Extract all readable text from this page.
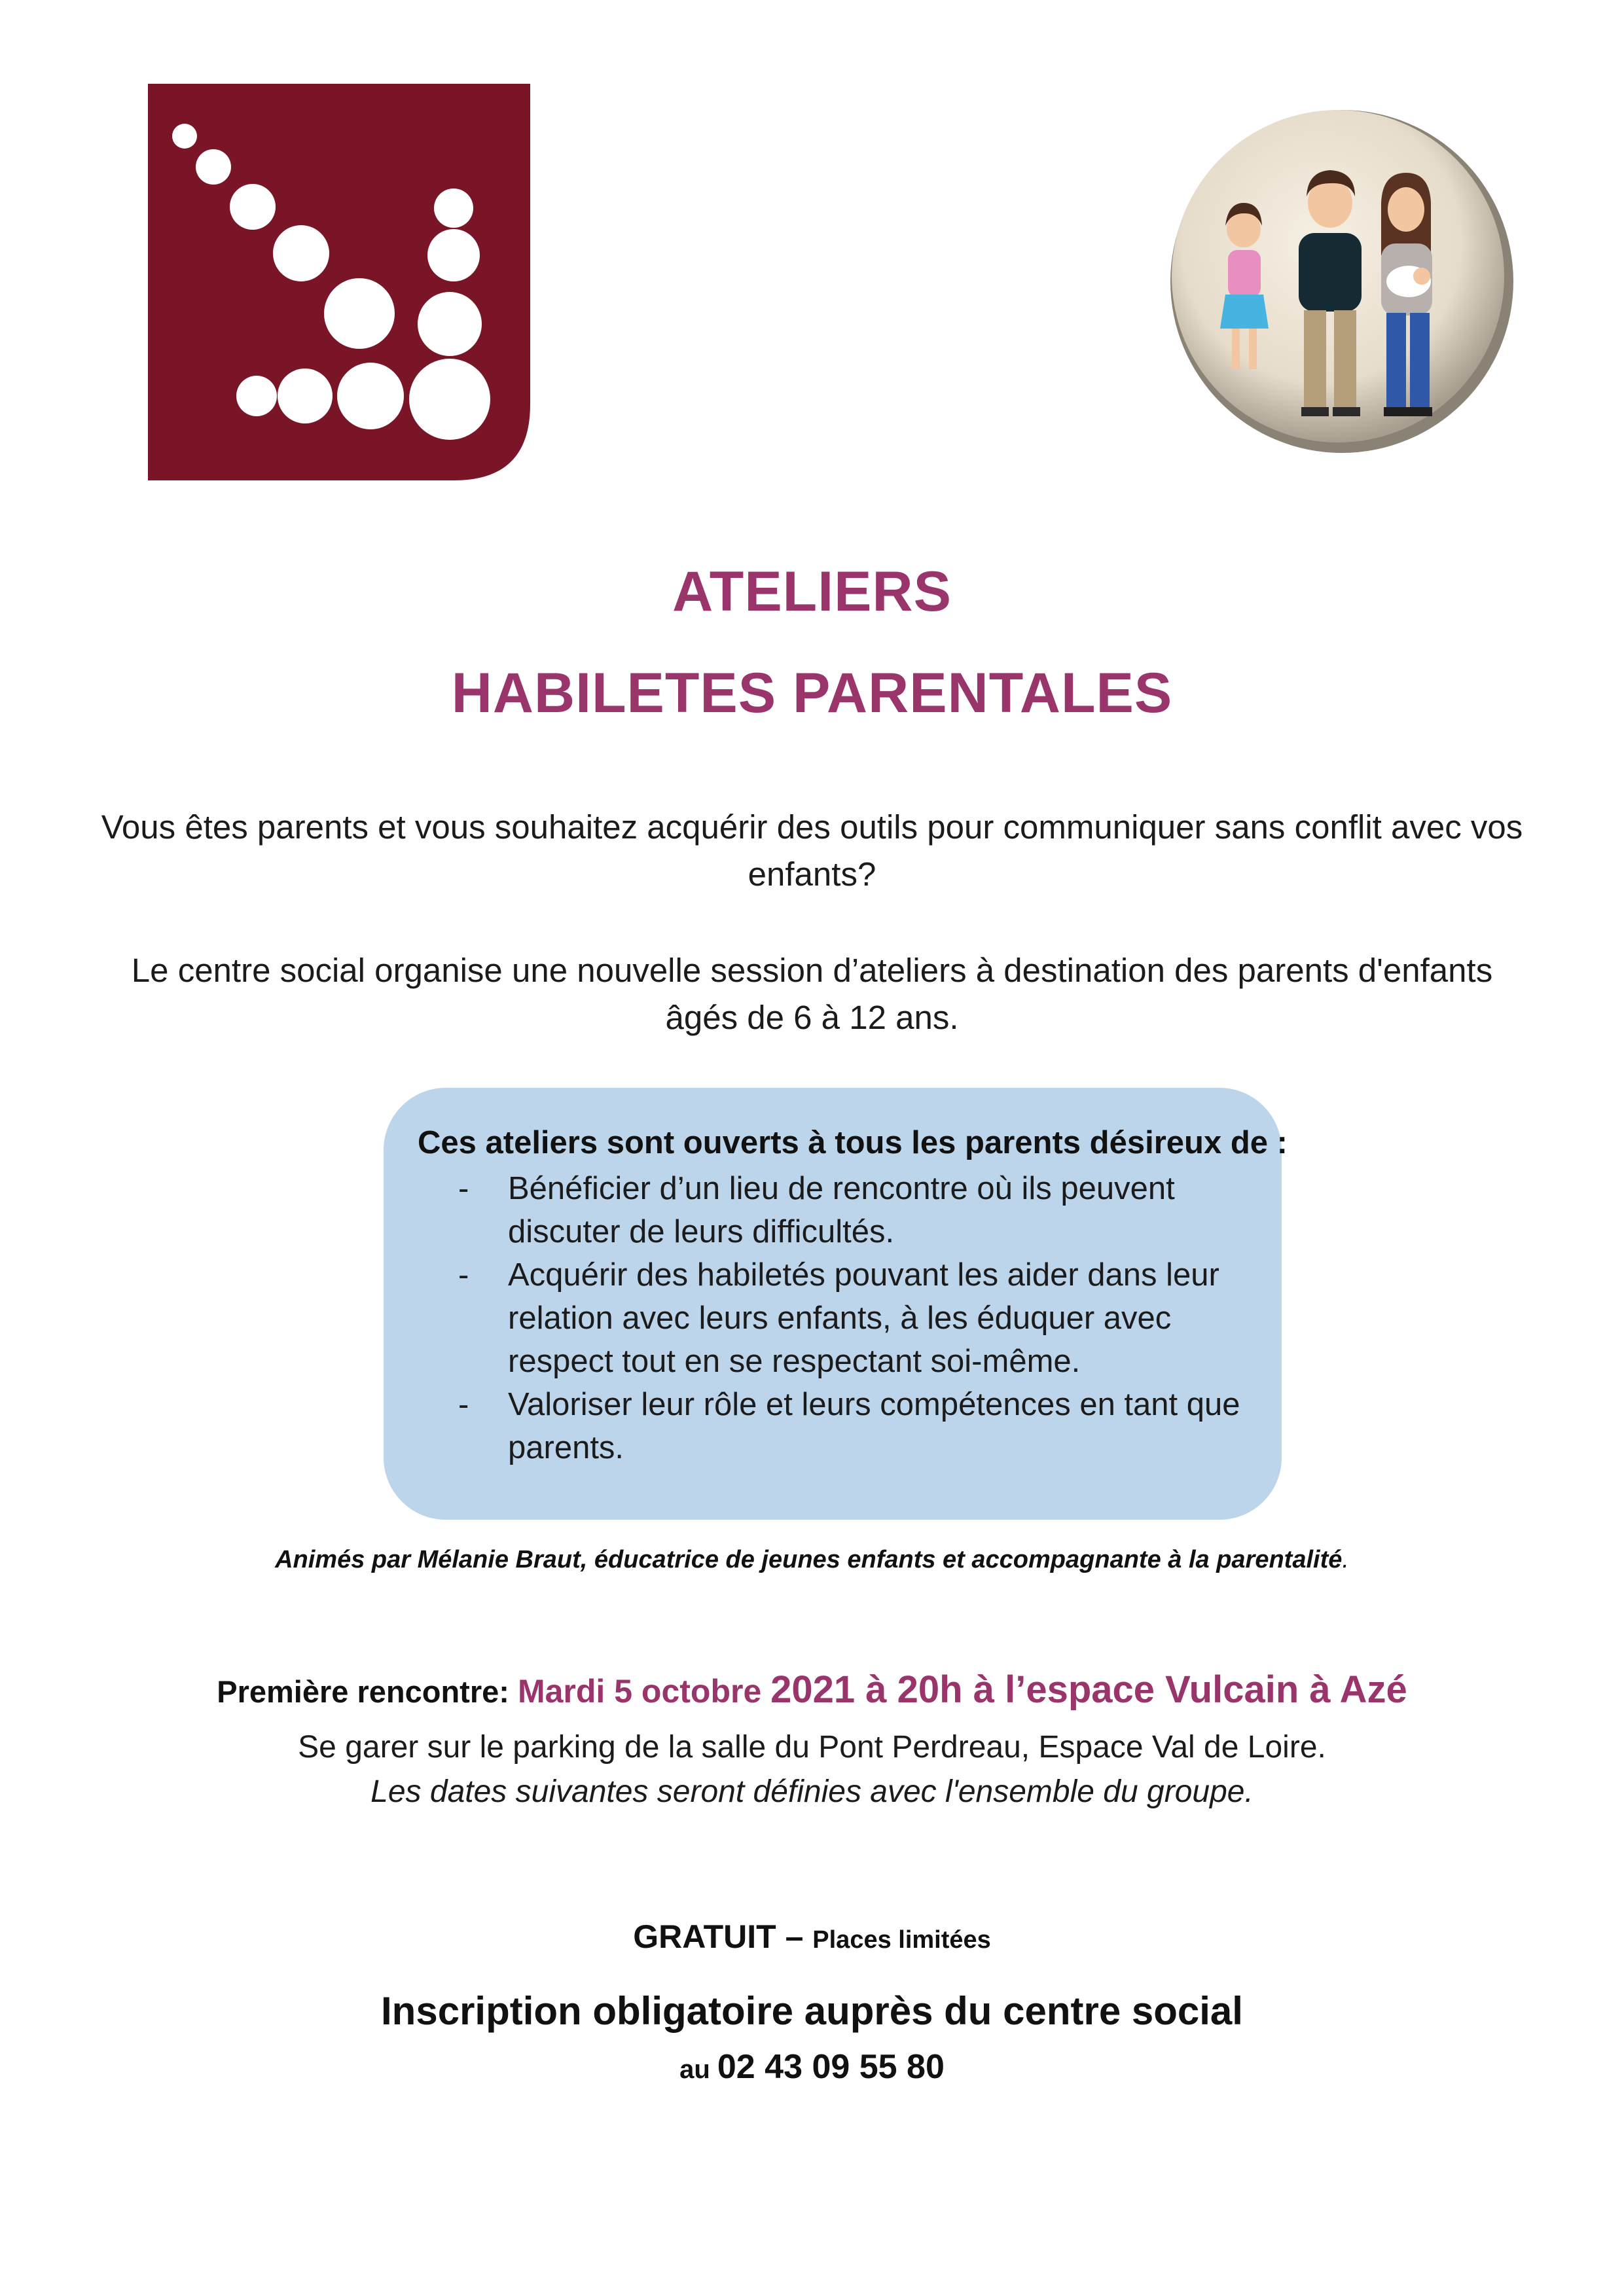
ATELIERS
HABILETES PARENTALES
Vous êtes parents et vous souhaitez acquérir des outils pour communiquer sans conflit avec vos enfants?
Le centre social organise une nouvelle session d’ateliers à destination des parents d'enfants âgés de 6 à 12 ans.
Ces ateliers sont ouverts à tous les parents désireux de :
- Bénéficier d’un lieu de rencontre où ils peuvent discuter de leurs difficultés.
- Acquérir des habiletés pouvant les aider dans leur relation avec leurs enfants, à les éduquer avec respect tout en se respectant soi-même.
- Valoriser leur rôle et leurs compétences en tant que parents.
Animés par Mélanie Braut, éducatrice de jeunes enfants et accompagnante à la parentalité.
Première rencontre: Mardi 5 octobre 2021 à 20h à l’espace Vulcain à Azé
Se garer sur le parking de la salle du Pont Perdreau, Espace Val de Loire.
Les dates suivantes seront définies avec l'ensemble du groupe.
GRATUIT – Places limitées
Inscription obligatoire auprès du centre social
au 02 43 09 55 80
